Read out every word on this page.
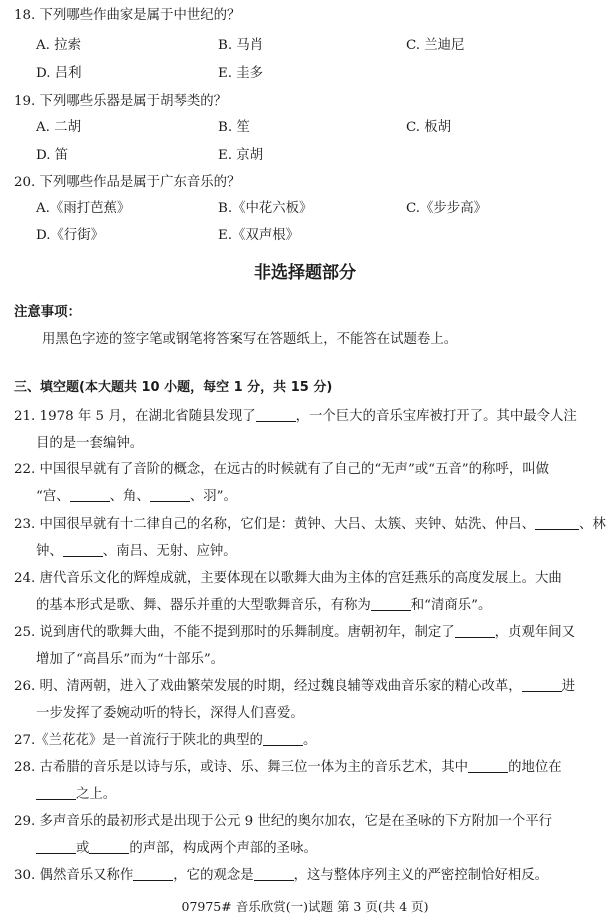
18. 下列哪些作曲家是属于中世纪的？
A. 拉索	B. 马肖	C. 兰迪尼
D. 吕利	E. 圭多
19. 下列哪些乐器是属于胡琴类的？
A. 二胡	B. 笙	C. 板胡
D. 笛	E. 京胡
20. 下列哪些作品是属于广东音乐的？
A.《雨打芭蕉》	B.《中花六板》	C.《步步高》
D.《行街》	E.《双声根》
非选择题部分
注意事项：
用黑色字迹的签字笔或钢笔将答案写在答题纸上，不能答在试题卷上。
三、填空题(本大题共 10 小题，每空 1 分，共 15 分)
21. 1978 年 5 月，在湖北省随县发现了	，一个巨大的音乐宝库被打开了。其中最令人注
目的是一套编钟。
22. 中国很早就有了音阶的概念，在远古的时候就有了自己的“无声”或“五音”的称呼，叫做
“宫、	、角、	、羽”。
23. 中国很早就有十二律自己的名称，它们是：黄钟、大吕、太簇、夹钟、姑洗、仲吕、	、林
钟、	、南吕、无射、应钟。
24. 唐代音乐文化的辉煌成就，主要体现在以歌舞大曲为主体的宫廷燕乐的高度发展上。大曲
的基本形式是歌、舞、器乐并重的大型歌舞音乐，有称为	和“清商乐”。
25. 说到唐代的歌舞大曲，不能不提到那时的乐舞制度。唐朝初年，制定了	，贞观年间又
增加了“高昌乐”而为“十部乐”。
26. 明、清两朝，进入了戏曲繁荣发展的时期，经过魏良辅等戏曲音乐家的精心改革，	进
一步发挥了委婉动听的特长，深得人们喜爱。
27.《兰花花》是一首流行于陕北的典型的	。
28. 古希腊的音乐是以诗与乐，或诗、乐、舞三位一体为主的音乐艺术，其中	的地位在
之上。
29. 多声音乐的最初形式是出现于公元 9 世纪的奥尔加农，它是在圣咏的下方附加一个平行
或	的声部，构成两个声部的圣咏。
30. 偶然音乐又称作	，它的观念是	，这与整体序列主义的严密控制恰好相反。
07975# 音乐欣赏(一)试题 第 3 页(共 4 页)
